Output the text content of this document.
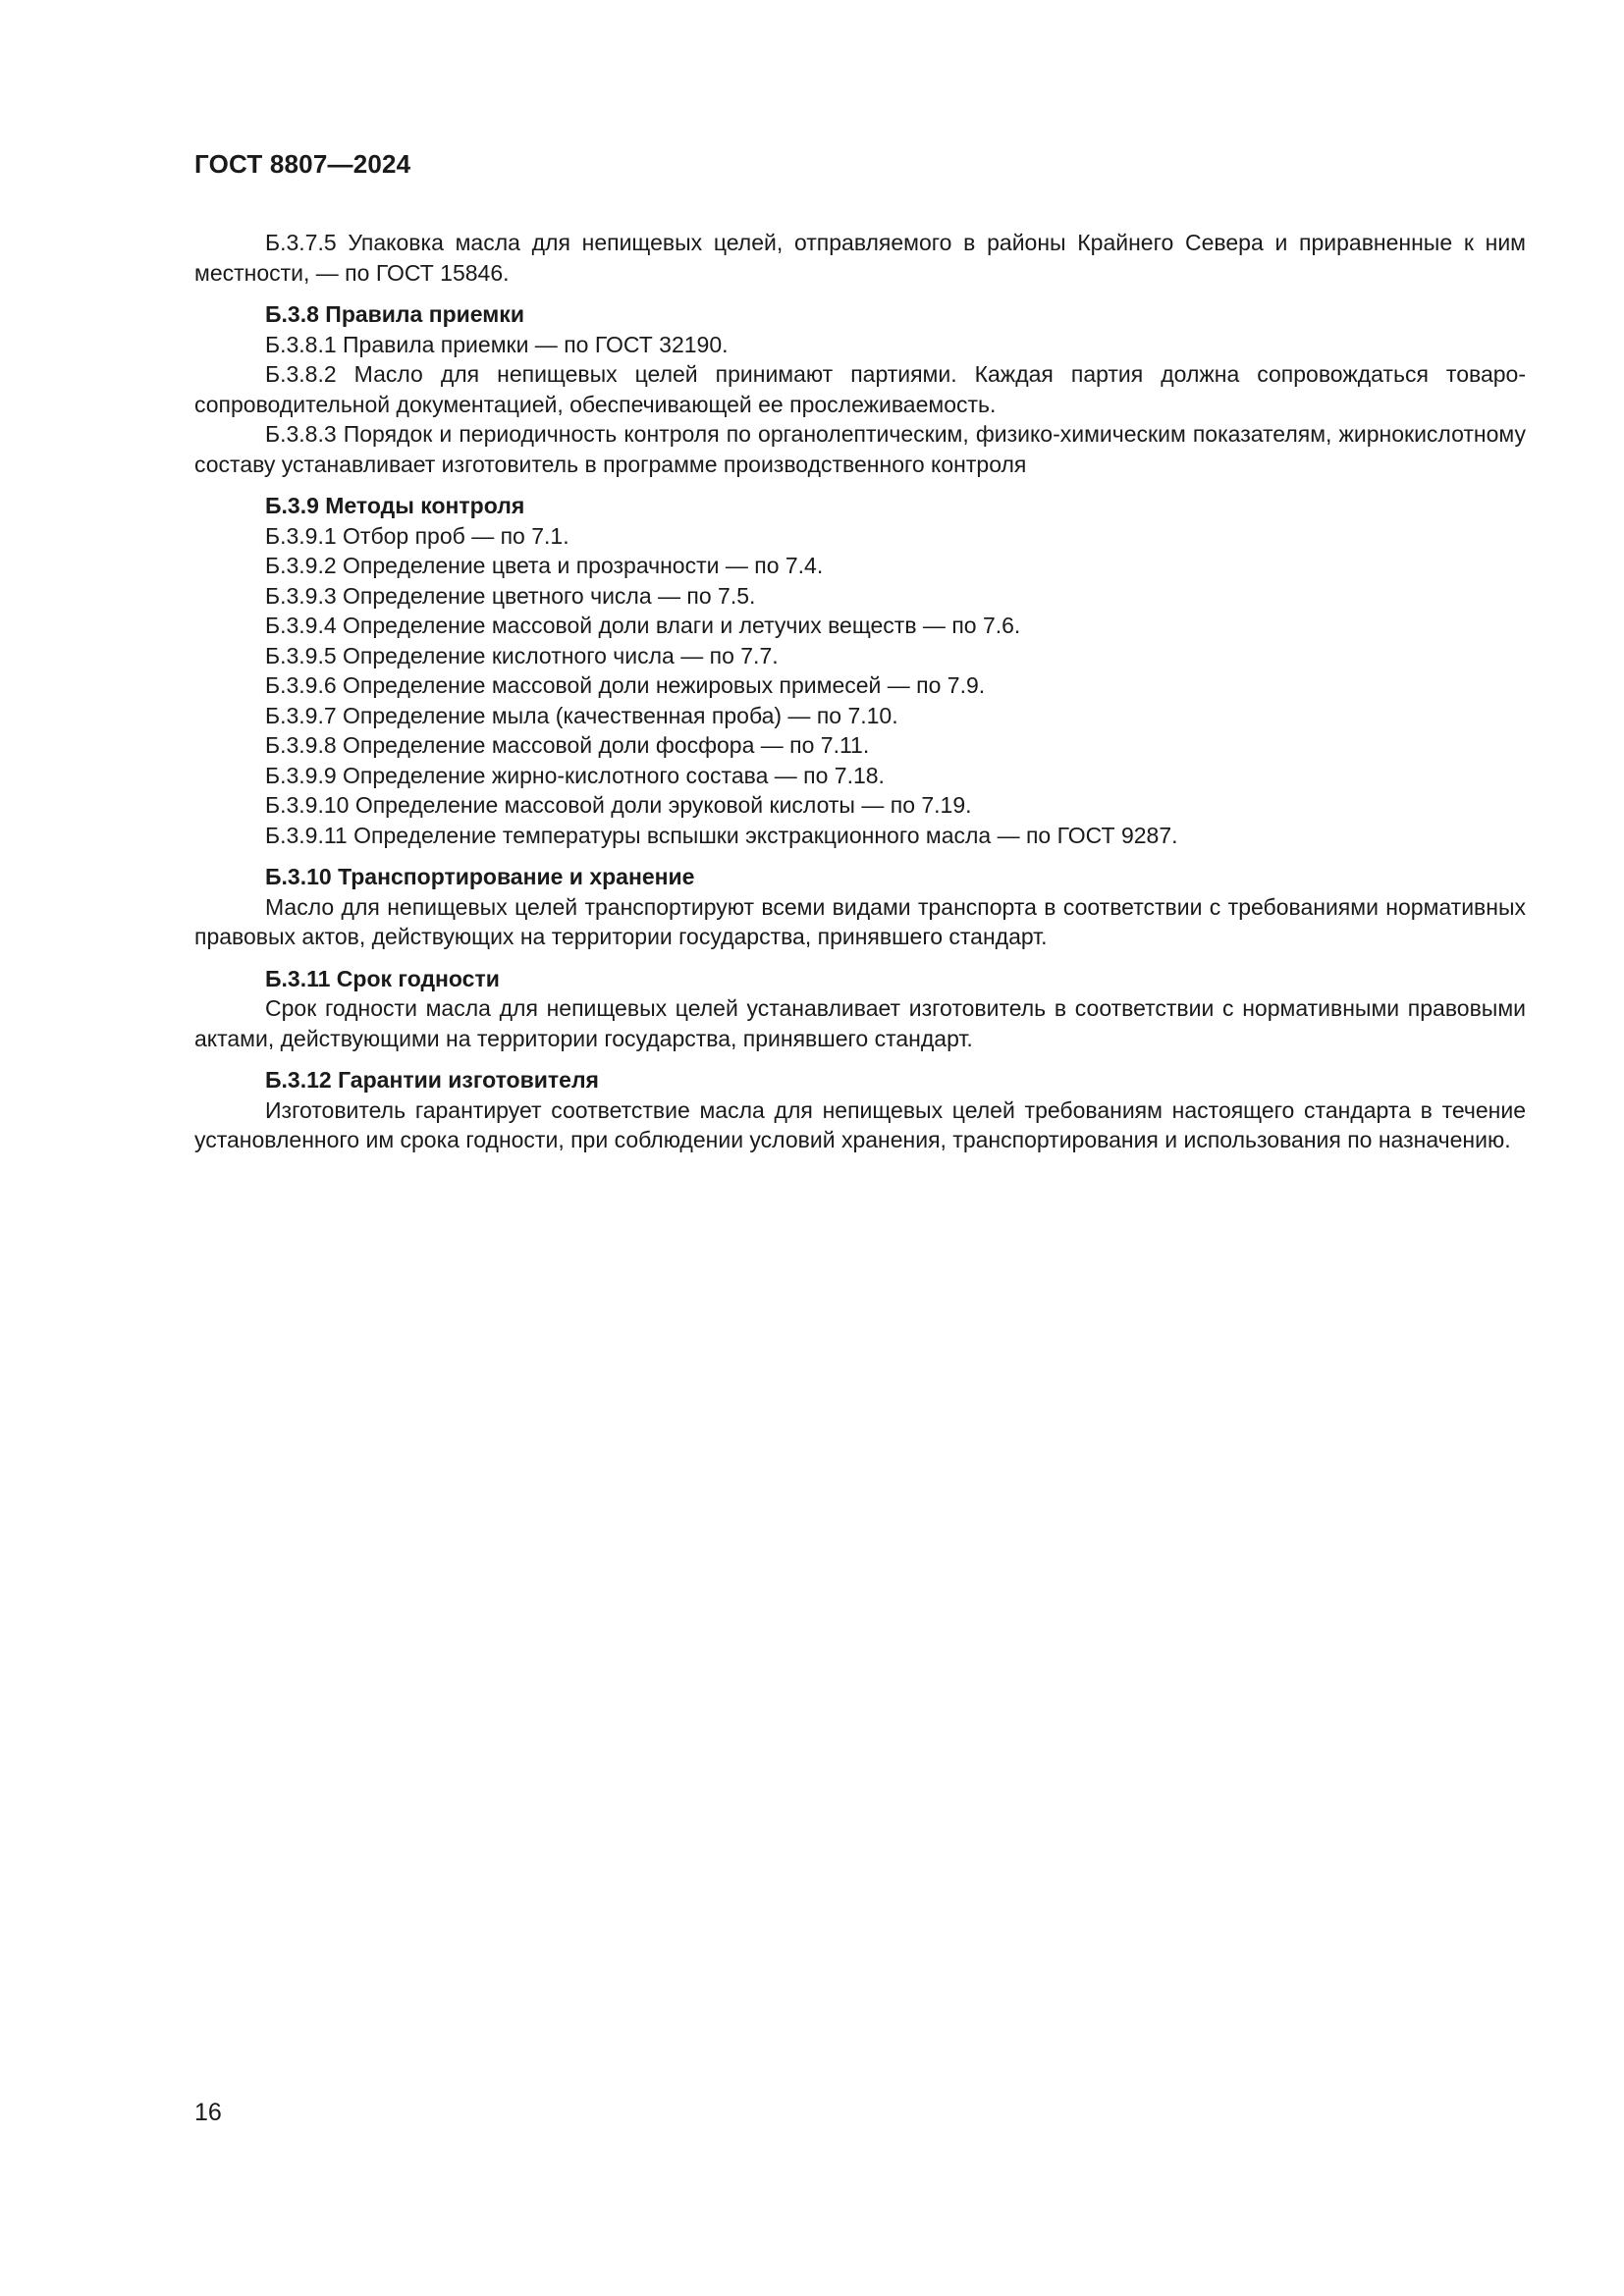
ГОСТ 8807—2024

Б.3.7.5 Упаковка масла для непищевых целей, отправляемого в районы Крайнего Севера и приравненные к ним местности, — по ГОСТ 15846.

Б.3.8 Правила приемки

Б.3.8.1 Правила приемки — по ГОСТ 32190.

Б.3.8.2 Масло для непищевых целей принимают партиями. Каждая партия должна сопровождаться товаросопроводительной документацией, обеспечивающей ее прослеживаемость.

Б.3.8.3 Порядок и периодичность контроля по органолептическим, физико-химическим показателям, жирнокислотному составу устанавливает изготовитель в программе производственного контроля

Б.3.9 Методы контроля

Б.3.9.1 Отбор проб — по 7.1.

Б.3.9.2 Определение цвета и прозрачности — по 7.4.

Б.3.9.3 Определение цветного числа — по 7.5.

Б.3.9.4 Определение массовой доли влаги и летучих веществ — по 7.6.

Б.3.9.5 Определение кислотного числа — по 7.7.

Б.3.9.6 Определение массовой доли нежировых примесей — по 7.9.

Б.3.9.7 Определение мыла (качественная проба) — по 7.10.

Б.3.9.8 Определение массовой доли фосфора — по 7.11.

Б.3.9.9 Определение жирно-кислотного состава — по 7.18.

Б.3.9.10 Определение массовой доли эруковой кислоты — по 7.19.

Б.3.9.11 Определение температуры вспышки экстракционного масла — по ГОСТ 9287.

Б.3.10 Транспортирование и хранение

Масло для непищевых целей транспортируют всеми видами транспорта в соответствии с требованиями нормативных правовых актов, действующих на территории государства, принявшего стандарт.

Б.3.11 Срок годности

Срок годности масла для непищевых целей устанавливает изготовитель в соответствии с нормативными правовыми актами, действующими на территории государства, принявшего стандарт.

Б.3.12 Гарантии изготовителя

Изготовитель гарантирует соответствие масла для непищевых целей требованиям настоящего стандарта в течение установленного им срока годности, при соблюдении условий хранения, транспортирования и использования по назначению.

16
